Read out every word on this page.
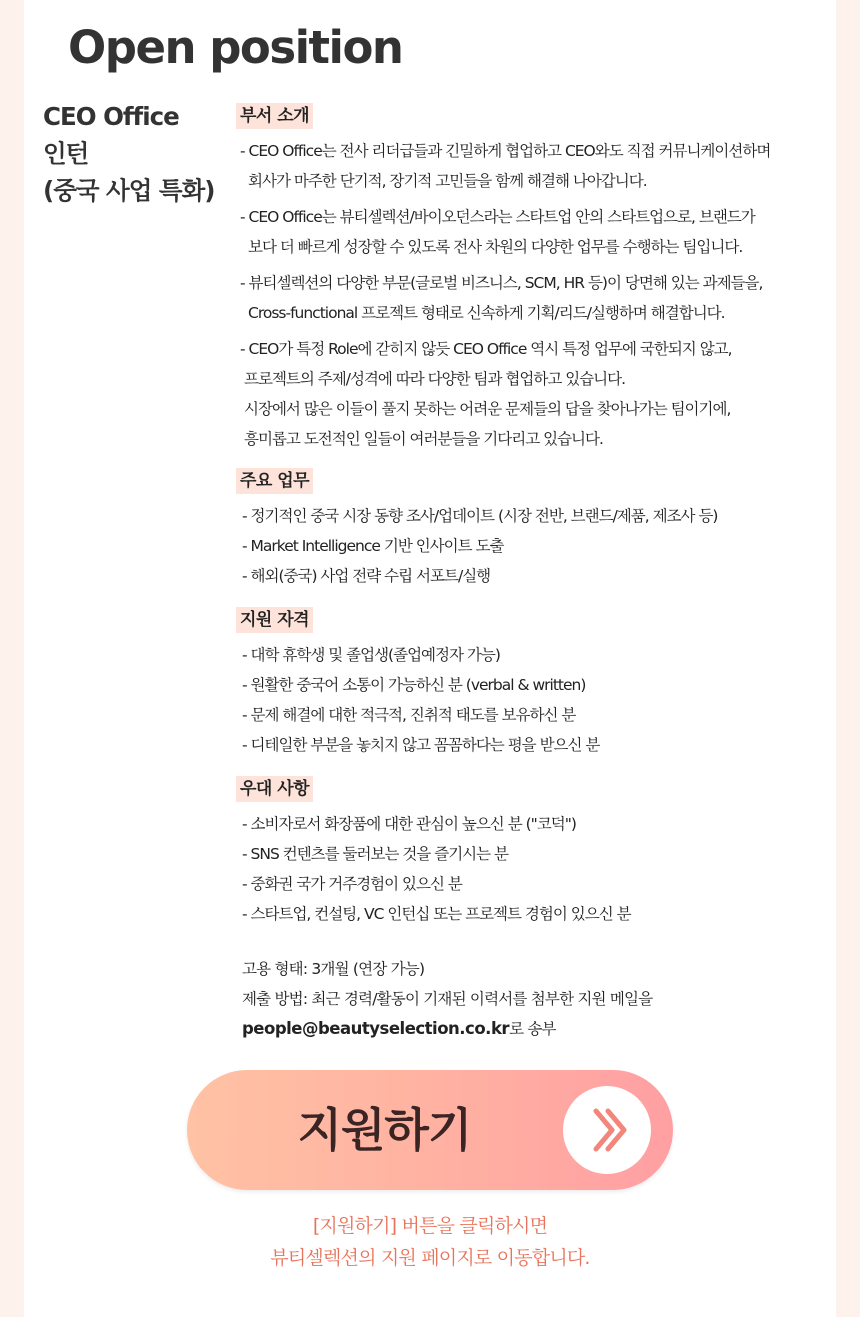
Open position
CEO Office
인턴
(중국 사업 특화)
부서 소개
- CEO Office는 전사 리더급들과 긴밀하게 협업하고 CEO와도 직접 커뮤니케이션하며
회사가 마주한 단기적, 장기적 고민들을 함께 해결해 나아갑니다.
- CEO Office는 뷰티셀렉션/바이오던스라는 스타트업 안의 스타트업으로, 브랜드가
보다 더 빠르게 성장할 수 있도록 전사 차원의 다양한 업무를 수행하는 팀입니다.
- 뷰티셀렉션의 다양한 부문(글로벌 비즈니스, SCM, HR 등)이 당면해 있는 과제들을,
Cross-functional 프로젝트 형태로 신속하게 기획/리드/실행하며 해결합니다.
- CEO가 특정 Role에 갇히지 않듯 CEO Office 역시 특정 업무에 국한되지 않고,
프로젝트의 주제/성격에 따라 다양한 팀과 협업하고 있습니다.
시장에서 많은 이들이 풀지 못하는 어려운 문제들의 답을 찾아나가는 팀이기에,
흥미롭고 도전적인 일들이 여러분들을 기다리고 있습니다.
주요 업무
- 정기적인 중국 시장 동향 조사/업데이트 (시장 전반, 브랜드/제품, 제조사 등)
- Market Intelligence 기반 인사이트 도출
- 해외(중국) 사업 전략 수립 서포트/실행
지원 자격
- 대학 휴학생 및 졸업생(졸업예정자 가능)
- 원활한 중국어 소통이 가능하신 분 (verbal & written)
- 문제 해결에 대한 적극적, 진취적 태도를 보유하신 분
- 디테일한 부분을 놓치지 않고 꼼꼼하다는 평을 받으신 분
우대 사항
- 소비자로서 화장품에 대한 관심이 높으신 분 ("코덕")
- SNS 컨텐츠를 둘러보는 것을 즐기시는 분
- 중화권 국가 거주경험이 있으신 분
- 스타트업, 컨설팅, VC 인턴십 또는 프로젝트 경험이 있으신 분
고용 형태: 3개월 (연장 가능)
제출 방법: 최근 경력/활동이 기재된 이력서를 첨부한 지원 메일을
people@beautyselection.co.kr로 송부
지원하기
[지원하기] 버튼을 클릭하시면
뷰티셀렉션의 지원 페이지로 이동합니다.
